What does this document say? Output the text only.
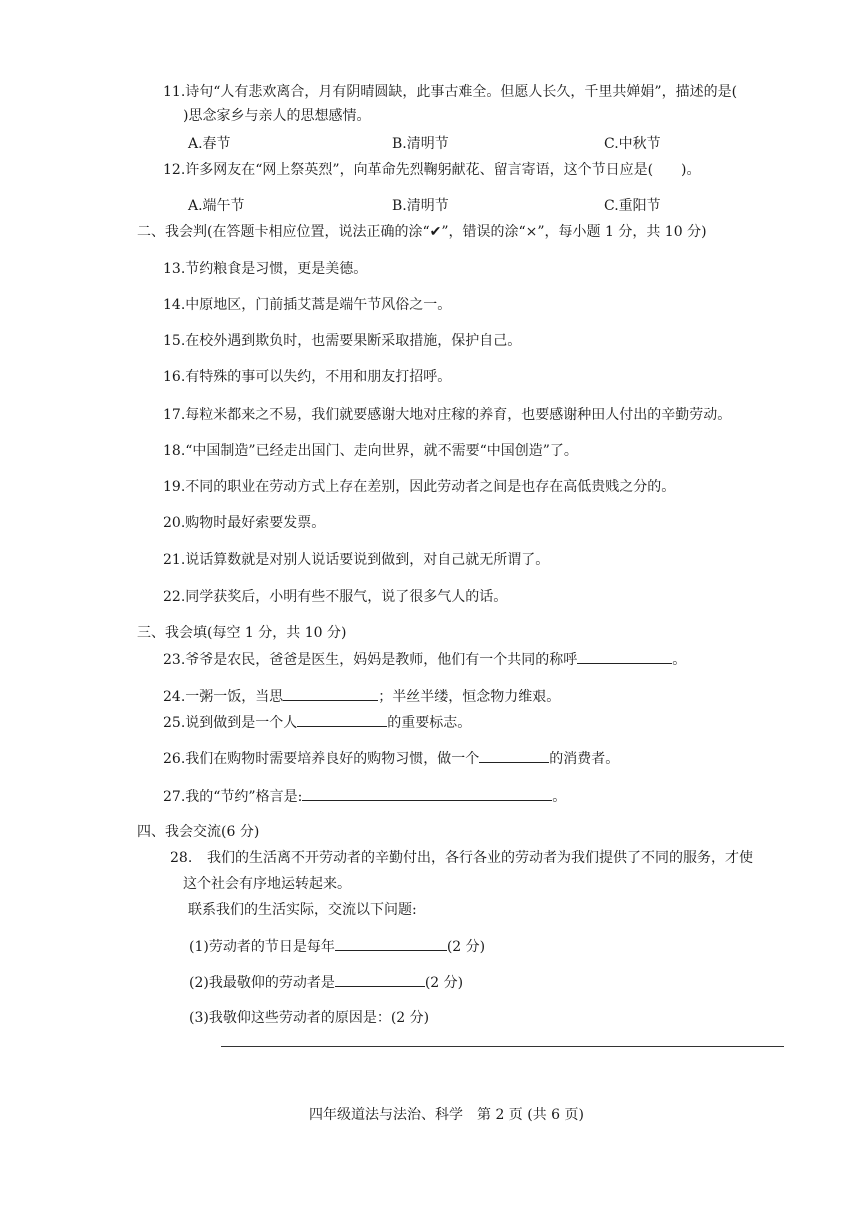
11.诗句“人有悲欢离合，月有阴晴圆缺，此事古难全。但愿人长久，千里共婵娟”，描述的是(
)思念家乡与亲人的思想感情。
A.春节	B.清明节	C.中秋节
12.许多网友在“网上祭英烈”，向革命先烈鞠躬献花、留言寄语，这个节日应是(　　)。
A.端午节	B.清明节	C.重阳节
二、我会判(在答题卡相应位置，说法正确的涂“✔”，错误的涂“×”，每小题 1 分，共 10 分)
13.节约粮食是习惯，更是美德。
14.中原地区，门前插艾蒿是端午节风俗之一。
15.在校外遇到欺负时，也需要果断采取措施，保护自己。
16.有特殊的事可以失约，不用和朋友打招呼。
17.每粒米都来之不易，我们就要感谢大地对庄稼的养育，也要感谢种田人付出的辛勤劳动。
18.“中国制造”已经走出国门、走向世界，就不需要“中国创造”了。
19.不同的职业在劳动方式上存在差别，因此劳动者之间是也存在高低贵贱之分的。
20.购物时最好索要发票。
21.说话算数就是对别人说话要说到做到，对自己就无所谓了。
22.同学获奖后，小明有些不服气，说了很多气人的话。
三、我会填(每空 1 分，共 10 分)
23.爷爷是农民，爸爸是医生，妈妈是教师，他们有一个共同的称呼	。
24.一粥一饭，当思	；半丝半缕，恒念物力维艰。
25.说到做到是一个人	的重要标志。
26.我们在购物时需要培养良好的购物习惯，做一个	的消费者。
27.我的“节约”格言是:	。
四、我会交流(6 分)
28. 我们的生活离不开劳动者的辛勤付出，各行各业的劳动者为我们提供了不同的服务，才使
这个社会有序地运转起来。
联系我们的生活实际，交流以下问题:
(1)劳动者的节日是每年	(2 分)
(2)我最敬仰的劳动者是	(2 分)
(3)我敬仰这些劳动者的原因是：(2 分)
四年级道法与法治、科学　第 2 页 (共 6 页)
